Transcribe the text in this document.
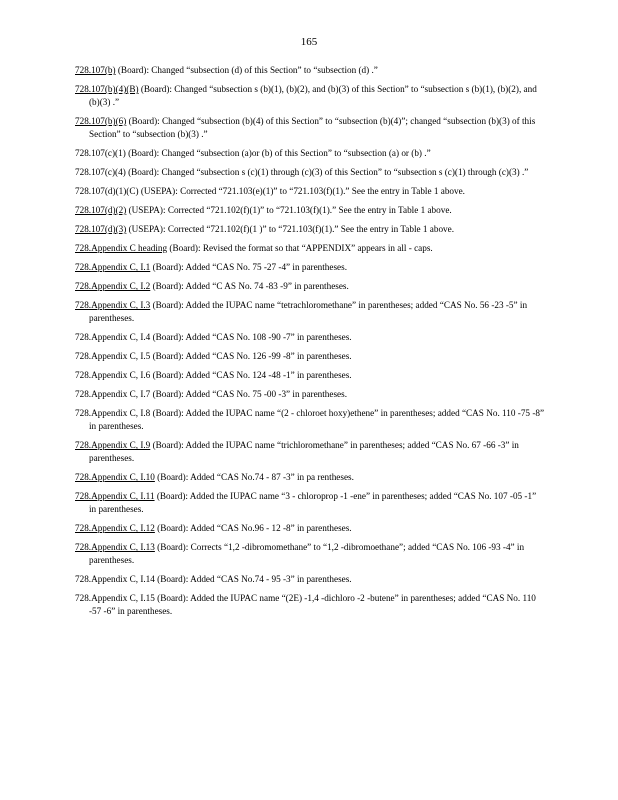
165

728.107(b) (Board): Changed “subsection (d) of this Section” to “subsection (d) .”

728.107(b)(4)(B) (Board): Changed “subsection s (b)(1), (b)(2), and (b)(3) of this Section” to “subsection s (b)(1), (b)(2), and (b)(3) .”

728.107(b)(6) (Board): Changed “subsection (b)(4) of this Section” to “subsection (b)(4)”; changed “subsection (b)(3) of this Section” to “subsection (b)(3) .”

728.107(c)(1) (Board): Changed “subsection (a)or (b) of this Section” to “subsection (a) or (b) .”

728.107(c)(4) (Board): Changed “subsection s (c)(1) through (c)(3) of this Section” to “subsection s (c)(1) through (c)(3) .”

728.107(d)(1)(C) (USEPA): Corrected “721.103(e)(1)” to “721.103(f)(1).” See the entry in Table 1 above.

728.107(d)(2) (USEPA): Corrected “721.102(f)(1)” to “721.103(f)(1).” See the entry in Table 1 above.

728.107(d)(3) (USEPA): Corrected “721.102(f)(1 )” to “721.103(f)(1).” See the entry in Table 1 above.

728.Appendix C heading (Board): Revised the format so that “APPENDIX” appears in all - caps.

728.Appendix C, I.1 (Board): Added “CAS No. 75 -27 -4” in parentheses.

728.Appendix C, I.2 (Board): Added “C AS No. 74 -83 -9” in parentheses.

728.Appendix C, I.3 (Board): Added the IUPAC name “tetrachloromethane” in parentheses; added “CAS No. 56 -23 -5” in parentheses.

728.Appendix C, I.4 (Board): Added “CAS No. 108 -90 -7” in parentheses.

728.Appendix C, I.5 (Board): Added “CAS No. 126 -99 -8” in parentheses.

728.Appendix C, I.6 (Board): Added “CAS No. 124 -48 -1” in parentheses.

728.Appendix C, I.7 (Board): Added “CAS No. 75 -00 -3” in parentheses.

728.Appendix C, I.8 (Board): Added the IUPAC name “(2 - chloroet hoxy)ethene” in parentheses; added “CAS No. 110 -75 -8” in parentheses.

728.Appendix C, I.9 (Board): Added the IUPAC name “trichloromethane” in parentheses; added “CAS No. 67 -66 -3” in parentheses.

728.Appendix C, I.10 (Board): Added “CAS No.74 - 87 -3” in pa rentheses.

728.Appendix C, I.11 (Board): Added the IUPAC name “3 - chloroprop -1 -ene” in parentheses; added “CAS No. 107 -05 -1” in parentheses.

728.Appendix C, I.12 (Board): Added “CAS No.96 - 12 -8” in parentheses.

728.Appendix C, I.13 (Board): Corrects “1,2 -dibromomethane” to “1,2 -dibromoethane”; added “CAS No. 106 -93 -4” in parentheses.

728.Appendix C, I.14 (Board): Added “CAS No.74 - 95 -3” in parentheses.

728.Appendix C, I.15 (Board): Added the IUPAC name “(2E) -1,4 -dichloro -2 -butene” in parentheses; added “CAS No. 110 -57 -6” in parentheses.
